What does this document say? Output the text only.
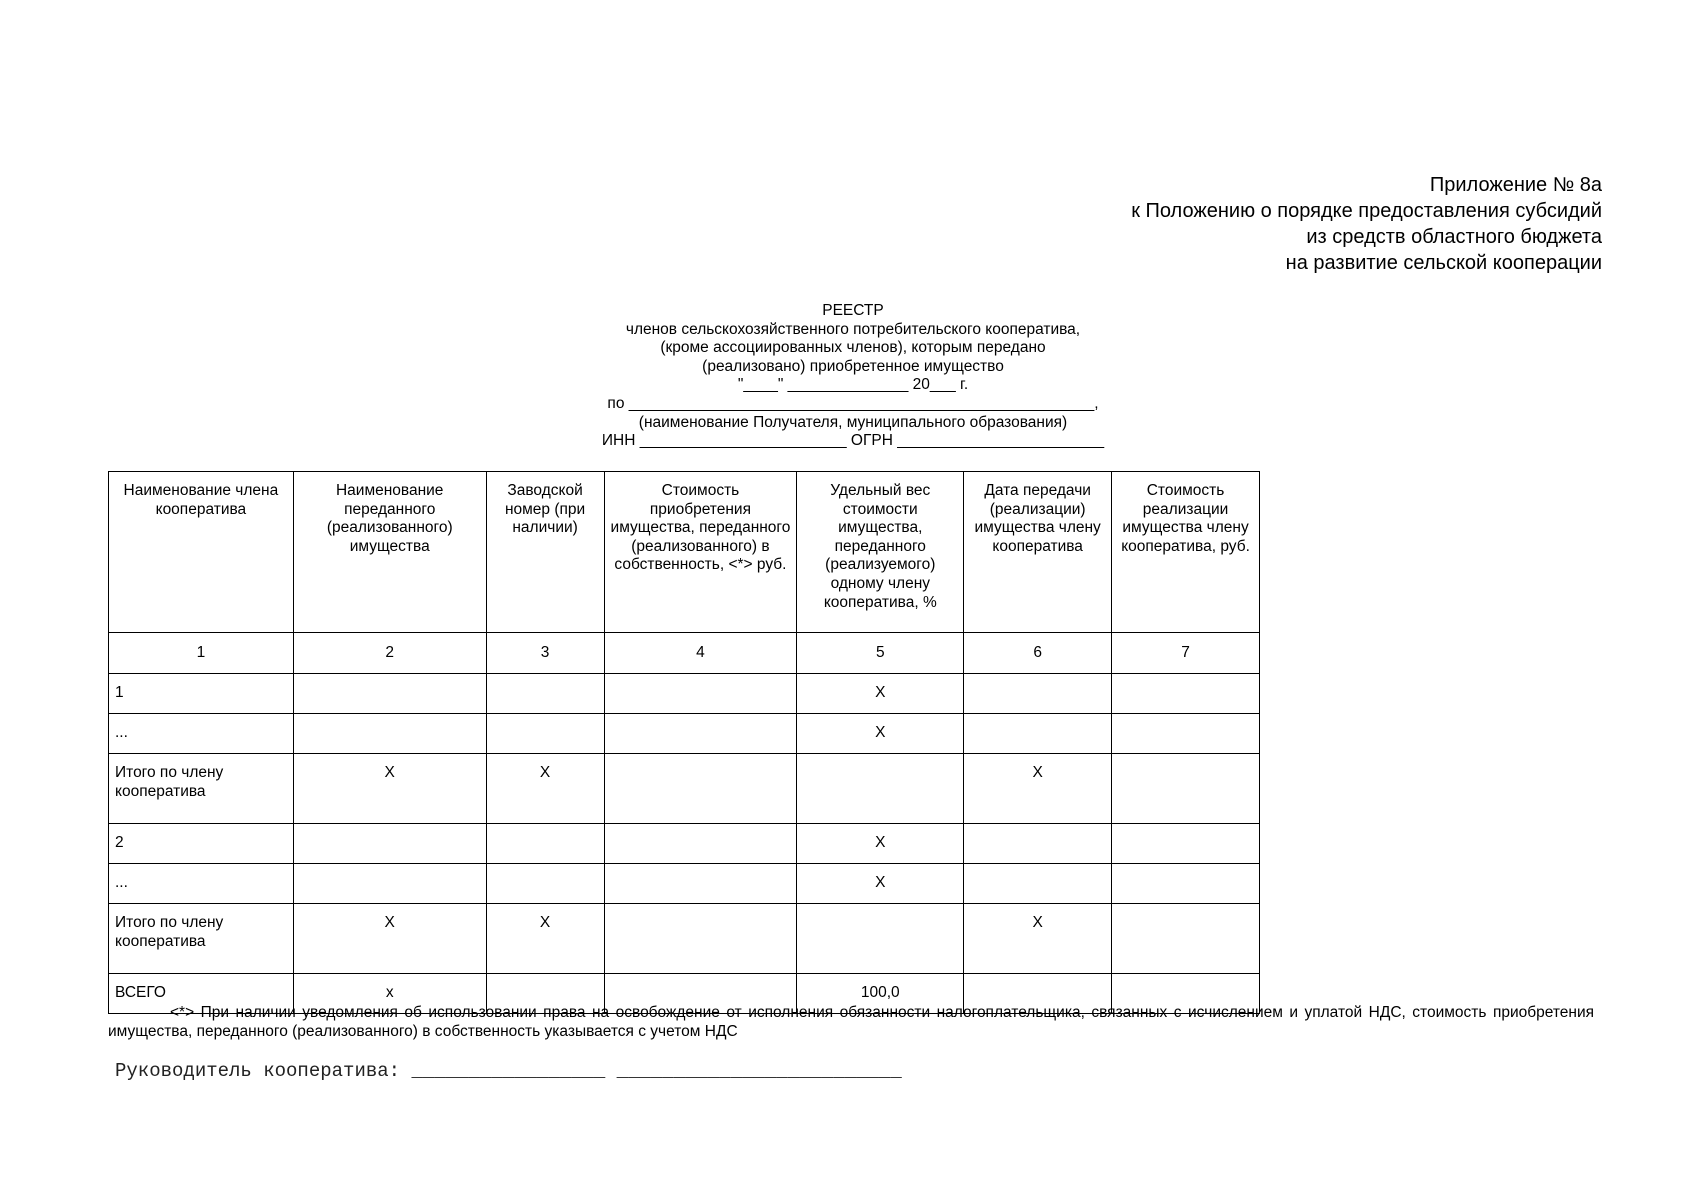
Приложение № 8а
к Положению о порядке предоставления субсидий
из средств областного бюджета
на развитие сельской кооперации
РЕЕСТР
членов сельскохозяйственного потребительского кооператива,
(кроме ассоциированных членов), которым передано
(реализовано) приобретенное имущество
"____" ______________ 20___ г.
по ______________________________________________________,
(наименование Получателя, муниципального образования)
ИНН ________________________ ОГРН ________________________
Наименование члена кооператива	Наименование переданного (реализованного) имущества	Заводской номер (при наличии)	Стоимость приобретения имущества, переданного (реализованного) в собственность, <*> руб.	Удельный вес стоимости имущества, переданного (реализуемого) одному члену кооператива, %	Дата передачи (реализации) имущества члену кооператива	Стоимость реализации имущества члену кооператива, руб.
1	2	3	4	5	6	7
1				X		
...				X		
Итого по члену кооператива	X	X			X	
2				X		
...				X		
Итого по члену кооператива	X	X			X	
ВСЕГО	x			100,0		
<*> При наличии уведомления об использовании права на освобождение от исполнения обязанности налогоплательщика, связанных с исчислением и уплатой НДС, стоимость приобретения имущества, переданного (реализованного) в собственность указывается с учетом НДС
Руководитель кооператива: _________________ _________________________
